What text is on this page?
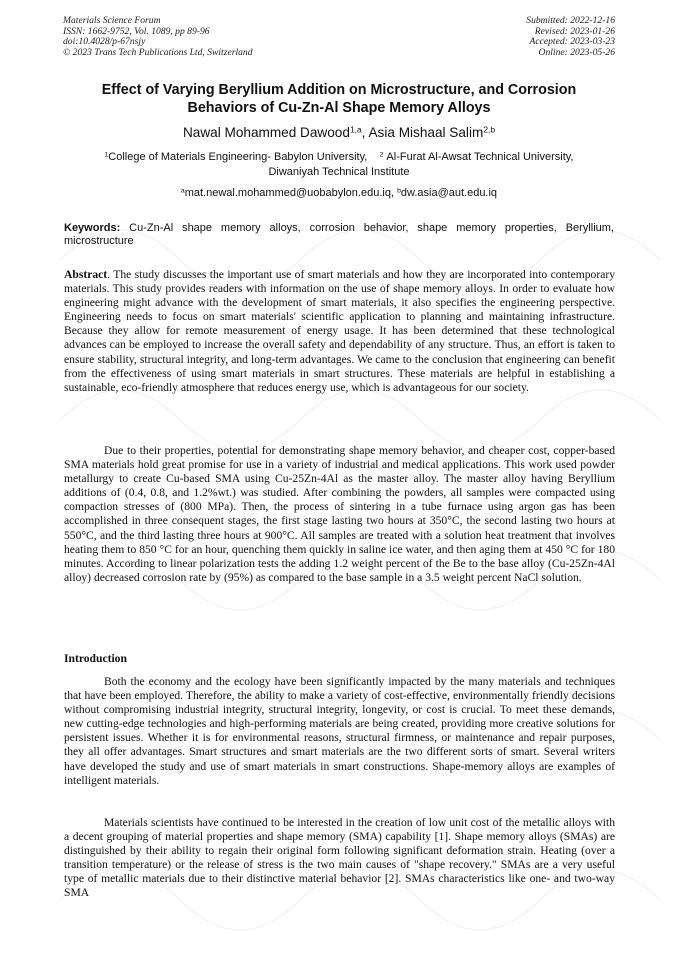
Materials Science Forum
ISSN: 1662-9752, Vol. 1089, pp 89-96
doi:10.4028/p-67nsjy
© 2023 Trans Tech Publications Ltd, Switzerland
Submitted: 2022-12-16
Revised: 2023-01-26
Accepted: 2023-03-23
Online: 2023-05-26
Effect of Varying Beryllium Addition on Microstructure, and Corrosion
Behaviors of Cu-Zn-Al Shape Memory Alloys
Nawal Mohammed Dawood$^{1,a}$, Asia Mishaal Salim$^{2,b}$
$^1$College of Materials Engineering- Babylon University, $^2$ Al-Furat Al-Awsat Technical University,
Diwaniyah Technical Institute
$^a$mat.newal.mohammed@uobabylon.edu.iq, $^b$dw.asia@aut.edu.iq
Keywords: Cu-Zn-Al shape memory alloys, corrosion behavior, shape memory properties, Beryllium, microstructure

Abstract. The study discusses the important use of smart materials and how they are incorporated into contemporary materials. This study provides readers with information on the use of shape memory alloys. In order to evaluate how engineering might advance with the development of smart materials, it also specifies the engineering perspective. Engineering needs to focus on smart materials' scientific application to planning and maintaining infrastructure. Because they allow for remote measurement of energy usage. It has been determined that these technological advances can be employed to increase the overall safety and dependability of any structure. Thus, an effort is taken to ensure stability, structural integrity, and long-term advantages. We came to the conclusion that engineering can benefit from the effectiveness of using smart materials in smart structures. These materials are helpful in establishing a sustainable, eco-friendly atmosphere that reduces energy use, which is advantageous for our society.

Due to their properties, potential for demonstrating shape memory behavior, and cheaper cost, copper-based SMA materials hold great promise for use in a variety of industrial and medical applications. This work used powder metallurgy to create Cu-based SMA using Cu-25Zn-4Al as the master alloy. The master alloy having Beryllium additions of (0.4, 0.8, and 1.2%wt.) was studied. After combining the powders, all samples were compacted using compaction stresses of (800 MPa). Then, the process of sintering in a tube furnace using argon gas has been accomplished in three consequent stages, the first stage lasting two hours at 350°C, the second lasting two hours at 550°C, and the third lasting three hours at 900°C. All samples are treated with a solution heat treatment that involves heating them to 850 °C for an hour, quenching them quickly in saline ice water, and then aging them at 450 °C for 180 minutes. According to linear polarization tests the adding 1.2 weight percent of the Be to the base alloy (Cu-25Zn-4Al alloy) decreased corrosion rate by (95%) as compared to the base sample in a 3.5 weight percent NaCl solution.

Introduction

Both the economy and the ecology have been significantly impacted by the many materials and techniques that have been employed. Therefore, the ability to make a variety of cost-effective, environmentally friendly decisions without compromising industrial integrity, structural integrity, longevity, or cost is crucial. To meet these demands, new cutting-edge technologies and high-performing materials are being created, providing more creative solutions for persistent issues. Whether it is for environmental reasons, structural firmness, or maintenance and repair purposes, they all offer advantages. Smart structures and smart materials are the two different sorts of smart. Several writers have developed the study and use of smart materials in smart constructions. Shape-memory alloys are examples of intelligent materials.

Materials scientists have continued to be interested in the creation of low unit cost of the metallic alloys with a decent grouping of material properties and shape memory (SMA) capability [1]. Shape memory alloys (SMAs) are distinguished by their ability to regain their original form following significant deformation strain. Heating (over a transition temperature) or the release of stress is the two main causes of "shape recovery." SMAs are a very useful type of metallic materials due to their distinctive material behavior [2]. SMAs characteristics like one- and two-way SMA
